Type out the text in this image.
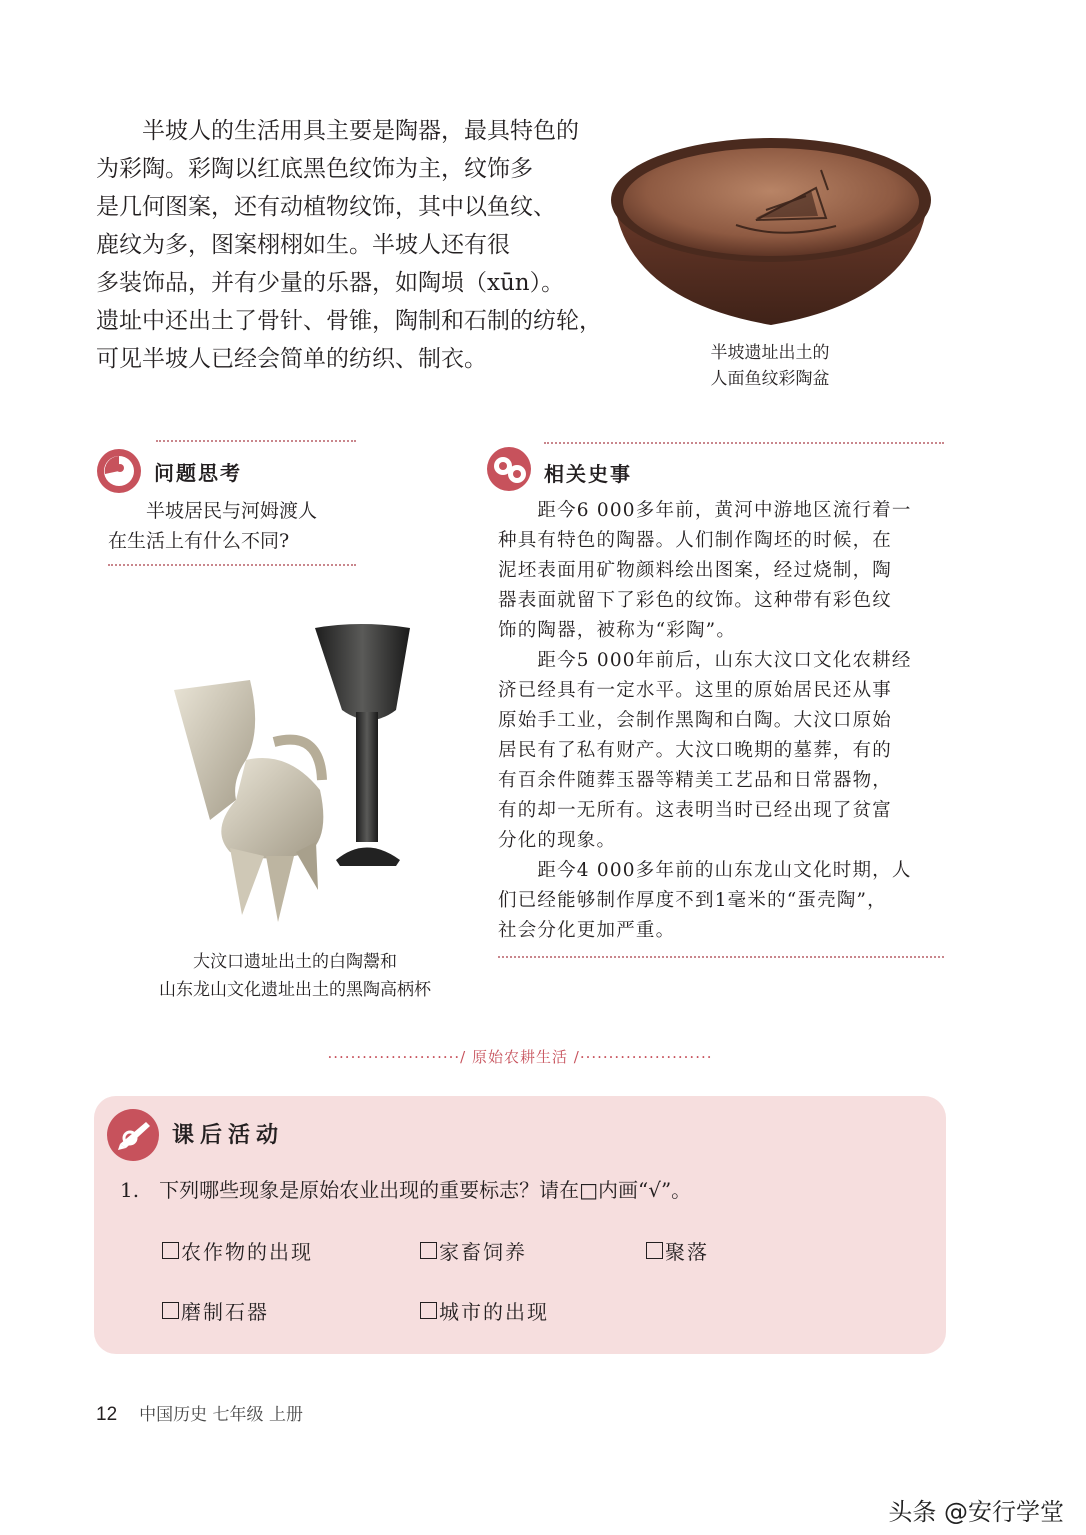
　　半坡人的生活用具主要是陶器，最具特色的
为彩陶。彩陶以红底黑色纹饰为主，纹饰多
是几何图案，还有动植物纹饰，其中以鱼纹、
鹿纹为多，图案栩栩如生。半坡人还有很
多装饰品，并有少量的乐器，如陶埙（xūn）。
遗址中还出土了骨针、骨锥，陶制和石制的纺轮，
可见半坡人已经会简单的纺织、制衣。	半坡遗址出土的
人面鱼纹彩陶盆
问题思考
　　半坡居民与河姆渡人
在生活上有什么不同?
相关史事
　　距今6 000多年前，黄河中游地区流行着一
种具有特色的陶器。人们制作陶坯的时候，在
泥坯表面用矿物颜料绘出图案，经过烧制，陶
器表面就留下了彩色的纹饰。这种带有彩色纹
饰的陶器，被称为“彩陶”。
　　距今5 000年前后，山东大汶口文化农耕经
济已经具有一定水平。这里的原始居民还从事
原始手工业，会制作黑陶和白陶。大汶口原始
居民有了私有财产。大汶口晚期的墓葬，有的
有百余件随葬玉器等精美工艺品和日常器物，
有的却一无所有。这表明当时已经出现了贫富
分化的现象。
　　距今4 000多年前的山东龙山文化时期，人
们已经能够制作厚度不到1毫米的“蛋壳陶”，
社会分化更加严重。
大汶口遗址出土的白陶鬶和
山东龙山文化遗址出土的黑陶高柄杯
·······················/ 原始农耕生活 /·······················
课后活动
1.　下列哪些现象是原始农业出现的重要标志？请在□内画“√”。
农作物的出现	家畜饲养	聚落
磨制石器	城市的出现
12 中国历史 七年级 上册
头条 @安行学堂
